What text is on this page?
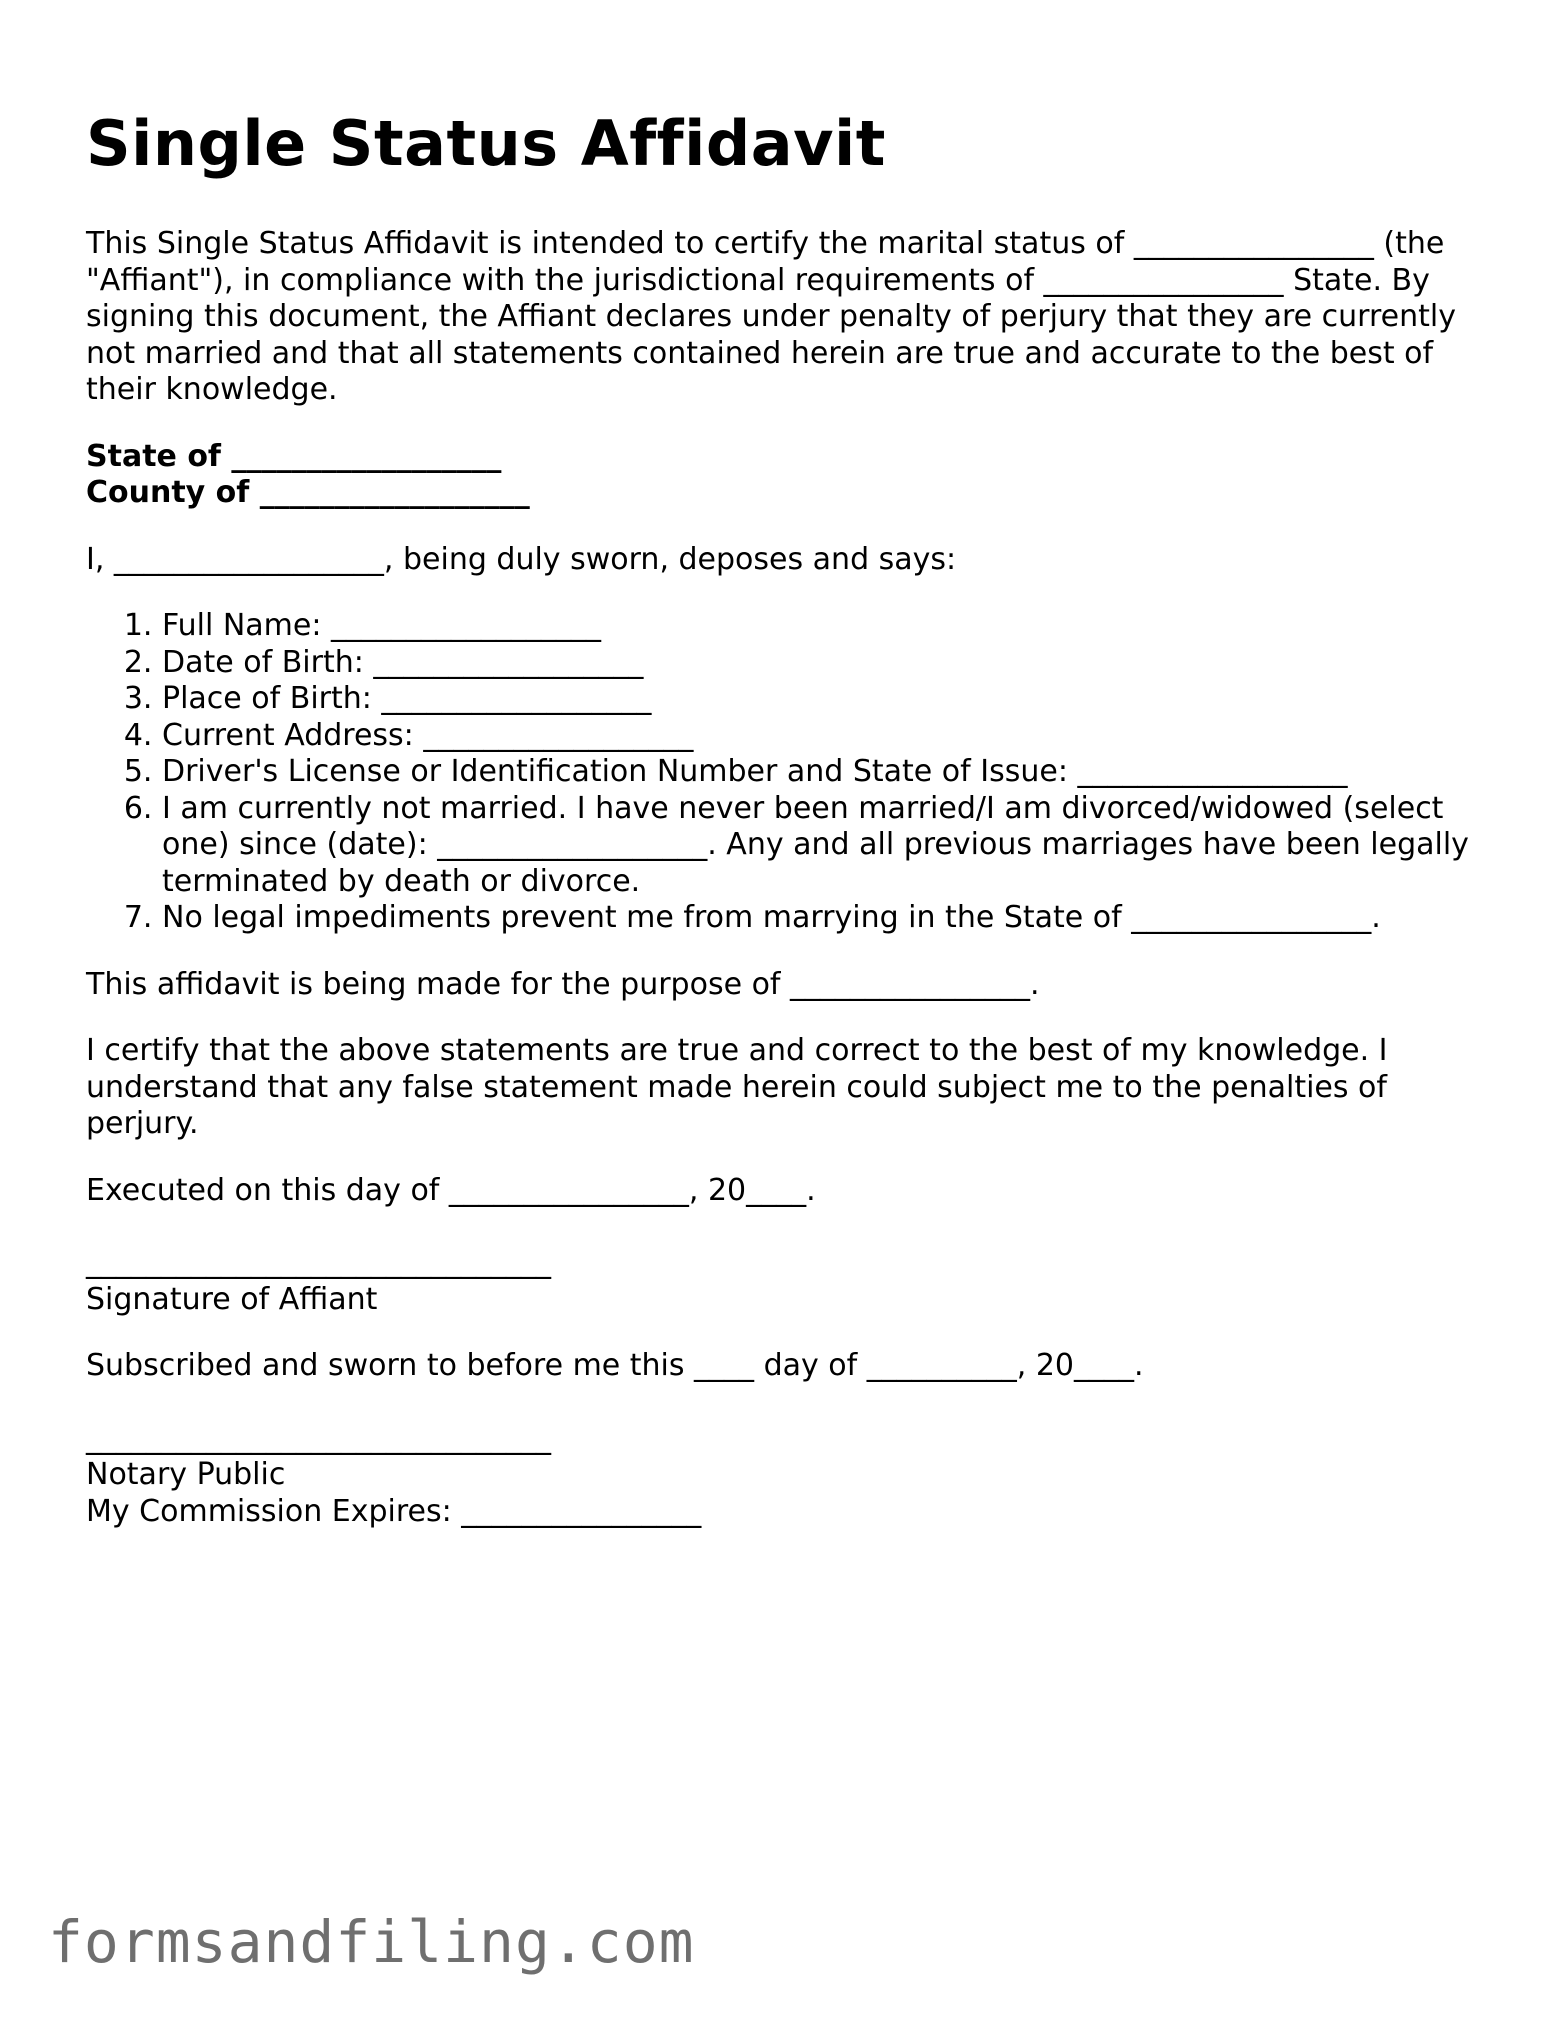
Single Status Affidavit

This Single Status Affidavit is intended to certify the marital status of ________________ (the "Affiant"), in compliance with the jurisdictional requirements of ________________ State. By signing this document, the Affiant declares under penalty of perjury that they are currently not married and that all statements contained herein are true and accurate to the best of their knowledge.

State of __________________
County of __________________

I, __________________, being duly sworn, deposes and says:

1. Full Name: __________________
2. Date of Birth: __________________
3. Place of Birth: __________________
4. Current Address: __________________
5. Driver's License or Identification Number and State of Issue: __________________
6. I am currently not married. I have never been married/I am divorced/widowed (select one) since (date): __________________. Any and all previous marriages have been legally terminated by death or divorce.
7. No legal impediments prevent me from marrying in the State of ________________.

This affidavit is being made for the purpose of ________________.

I certify that the above statements are true and correct to the best of my knowledge. I understand that any false statement made herein could subject me to the penalties of perjury.

Executed on this day of ________________, 20____.

_______________________________
Signature of Affiant

Subscribed and sworn to before me this ____ day of __________, 20____.

_______________________________
Notary Public
My Commission Expires: ________________
formsandfiling.com
